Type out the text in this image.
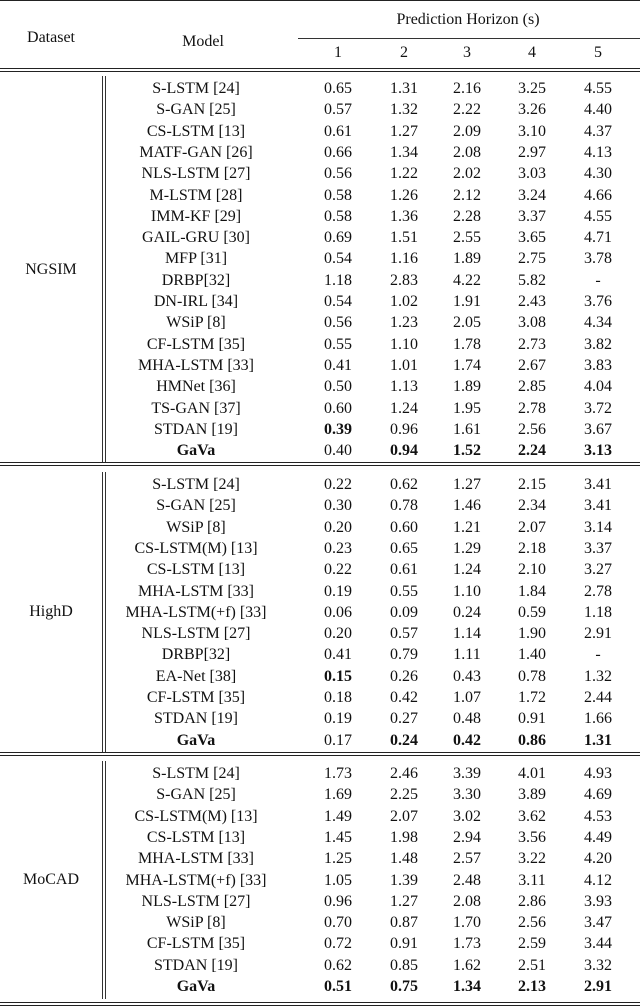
Dataset	Model
Prediction Horizon (s)
1	2	3	4	5
NGSIM
S-LSTM [24]	0.65 1.31 2.16 3.25 4.55
S-GAN [25]	0.57 1.32 2.22 3.26 4.40
CS-LSTM [13]	0.61 1.27 2.09 3.10 4.37
MATF-GAN [26]	0.66 1.34 2.08 2.97 4.13
NLS-LSTM [27]	0.56 1.22 2.02 3.03 4.30
M-LSTM [28]	0.58 1.26 2.12 3.24 4.66
IMM-KF [29]	0.58 1.36 2.28 3.37 4.55
GAIL-GRU [30]	0.69 1.51 2.55 3.65 4.71
MFP [31]	0.54 1.16 1.89 2.75 3.78
DRBP[32]	1.18 2.83 4.22 5.82	-
DN-IRL [34]	0.54 1.02 1.91 2.43 3.76
WSiP [8]	0.56 1.23 2.05 3.08 4.34
CF-LSTM [35]	0.55 1.10 1.78 2.73 3.82
MHA-LSTM [33]	0.41 1.01 1.74 2.67 3.83
HMNet [36]	0.50 1.13 1.89 2.85 4.04
TS-GAN [37]	0.60 1.24 1.95 2.78 3.72
STDAN [19]	0.39 0.96 1.61 2.56 3.67
GaVa	0.40 0.94 1.52 2.24 3.13
HighD
S-LSTM [24]	0.22 0.62 1.27 2.15 3.41
S-GAN [25]	0.30 0.78 1.46 2.34 3.41
WSiP [8]	0.20 0.60 1.21 2.07 3.14
CS-LSTM(M) [13]	0.23 0.65 1.29 2.18 3.37
CS-LSTM [13]	0.22 0.61 1.24 2.10 3.27
MHA-LSTM [33]	0.19 0.55 1.10 1.84 2.78
MHA-LSTM(+f) [33]	0.06 0.09 0.24 0.59 1.18
NLS-LSTM [27]	0.20 0.57 1.14 1.90 2.91
DRBP[32]	0.41 0.79 1.11 1.40	-
EA-Net [38]	0.15 0.26 0.43 0.78 1.32
CF-LSTM [35]	0.18 0.42 1.07 1.72 2.44
STDAN [19]	0.19 0.27 0.48 0.91 1.66
GaVa	0.17 0.24 0.42 0.86 1.31
MoCAD
S-LSTM [24]	1.73 2.46 3.39 4.01 4.93
S-GAN [25]	1.69 2.25 3.30 3.89 4.69
CS-LSTM(M) [13]	1.49 2.07 3.02 3.62 4.53
CS-LSTM [13]	1.45 1.98 2.94 3.56 4.49
MHA-LSTM [33]	1.25 1.48 2.57 3.22 4.20
MHA-LSTM(+f) [33]	1.05 1.39 2.48 3.11 4.12
NLS-LSTM [27]	0.96 1.27 2.08 2.86 3.93
WSiP [8]	0.70 0.87 1.70 2.56 3.47
CF-LSTM [35]	0.72 0.91 1.73 2.59 3.44
STDAN [19]	0.62 0.85 1.62 2.51 3.32
GaVa	0.51 0.75 1.34 2.13 2.91
